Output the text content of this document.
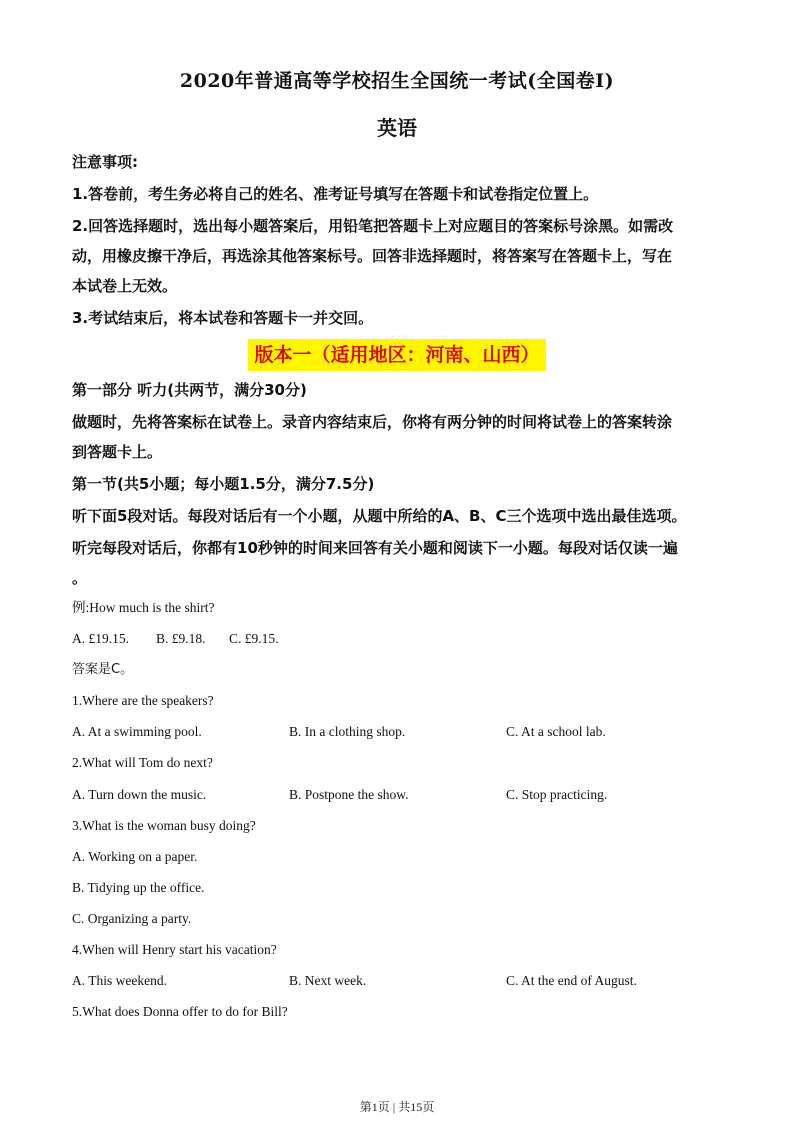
2020年普通高等学校招生全国统一考试(全国卷I)
英语
注意事项:
1.答卷前，考生务必将自己的姓名、准考证号填写在答题卡和试卷指定位置上。
2.回答选择题时，选出每小题答案后，用铅笔把答题卡上对应题目的答案标号涂黑。如需改
动，用橡皮擦干净后，再选涂其他答案标号。回答非选择题时，将答案写在答题卡上，写在
本试卷上无效。
3.考试结束后，将本试卷和答题卡一并交回。
版本一（适用地区：河南、山西）
第一部分 听力(共两节，满分30分)
做题时，先将答案标在试卷上。录音内容结束后，你将有两分钟的时间将试卷上的答案转涂
到答题卡上。
第一节(共5小题；每小题1.5分，满分7.5分)
听下面5段对话。每段对话后有一个小题，从题中所给的A、B、C三个选项中选出最佳选项。
听完每段对话后，你都有10秒钟的时间来回答有关小题和阅读下一小题。每段对话仅读一遍
。
例:How much is the shirt?
A. £19.15. B. £9.18. C. £9.15.
答案是C。
1.Where are the speakers?
A. At a swimming pool.	B. In a clothing shop.	C. At a school lab.
2.What will Tom do next?
A. Turn down the music.	B. Postpone the show.	C. Stop practicing.
3.What is the woman busy doing?
A. Working on a paper.
B. Tidying up the office.
C. Organizing a party.
4.When will Henry start his vacation?
A. This weekend.	B. Next week.	C. At the end of August.
5.What does Donna offer to do for Bill?
第1页 | 共15页
